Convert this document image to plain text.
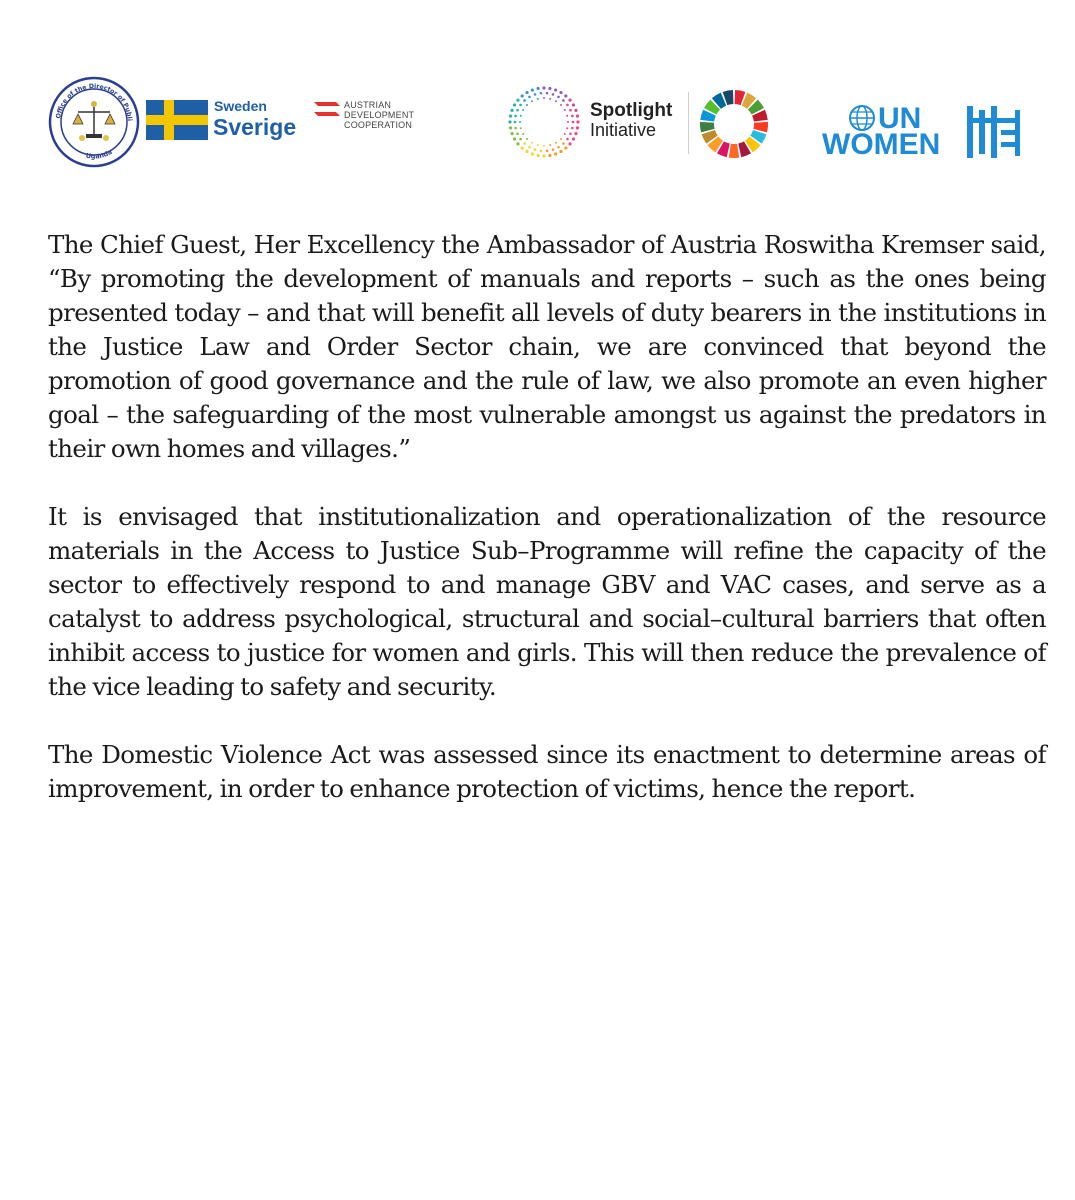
Office of the Director of Publi
Uganda
Sweden
Sverige
AUSTRIAN
DEVELOPMENT
COOPERATION
Spotlight
Initiative	UN
WOMEN

The Chief Guest, Her Excellency the Ambassador of Austria Roswitha Kremser said, “By promoting the development of manuals and reports – such as the ones being presented today – and that will benefit all levels of duty bearers in the institutions in the Justice Law and Order Sector chain, we are convinced that beyond the promotion of good governance and the rule of law, we also promote an even higher goal – the safeguarding of the most vulnerable amongst us against the predators in their own homes and villages.”

It is envisaged that institutionalization and operationalization of the resource materials in the Access to Justice Sub–Programme will refine the capacity of the sector to effectively respond to and manage GBV and VAC cases, and serve as a catalyst to address psychological, structural and social–cultural barriers that often inhibit access to justice for women and girls. This will then reduce the prevalence of the vice leading to safety and security.

The Domestic Violence Act was assessed since its enactment to determine areas of improvement, in order to enhance protection of victims, hence the report.
